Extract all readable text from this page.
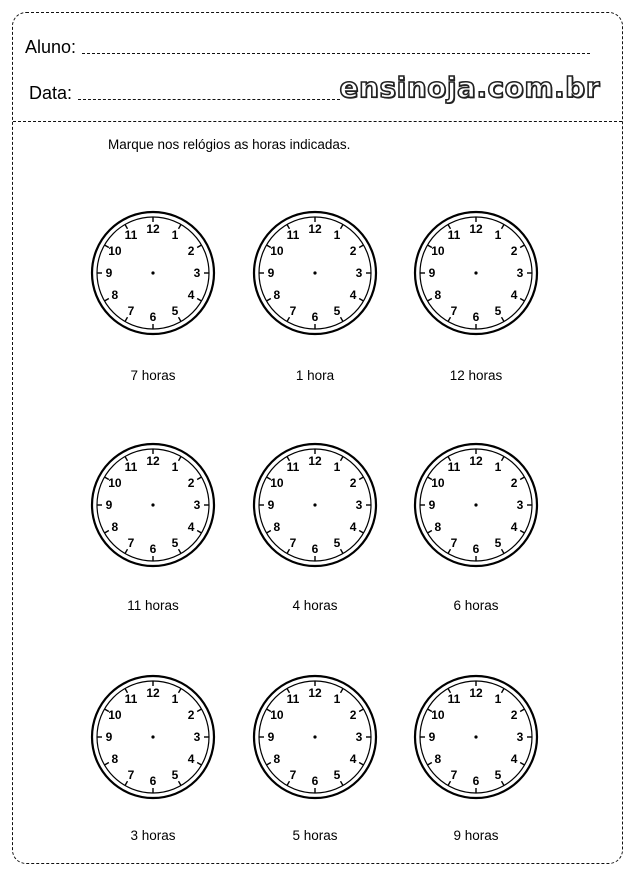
Aluno:
Data:	ensinoja.com.br
Marque nos relógios as horas indicadas.
12 1
2
3
4
5
6
7
8
9
10
11
7 horas
12 1
2
3
4
5
6
7
8
9
10
11
1 hora
12 1
2
3
4
5
6
7
8
9
10
11
12 horas
12 1
2
3
4
5
6
7
8
9
10
11
11 horas
12 1
2
3
4
5
6
7
8
9
10
11
4 horas
12 1
2
3
4
5
6
7
8
9
10
11
6 horas
12 1
2
3
4
5
6
7
8
9
10
11
3 horas
12 1
2
3
4
5
6
7
8
9
10
11
5 horas
12 1
2
3
4
5
6
7
8
9
10
11
9 horas
